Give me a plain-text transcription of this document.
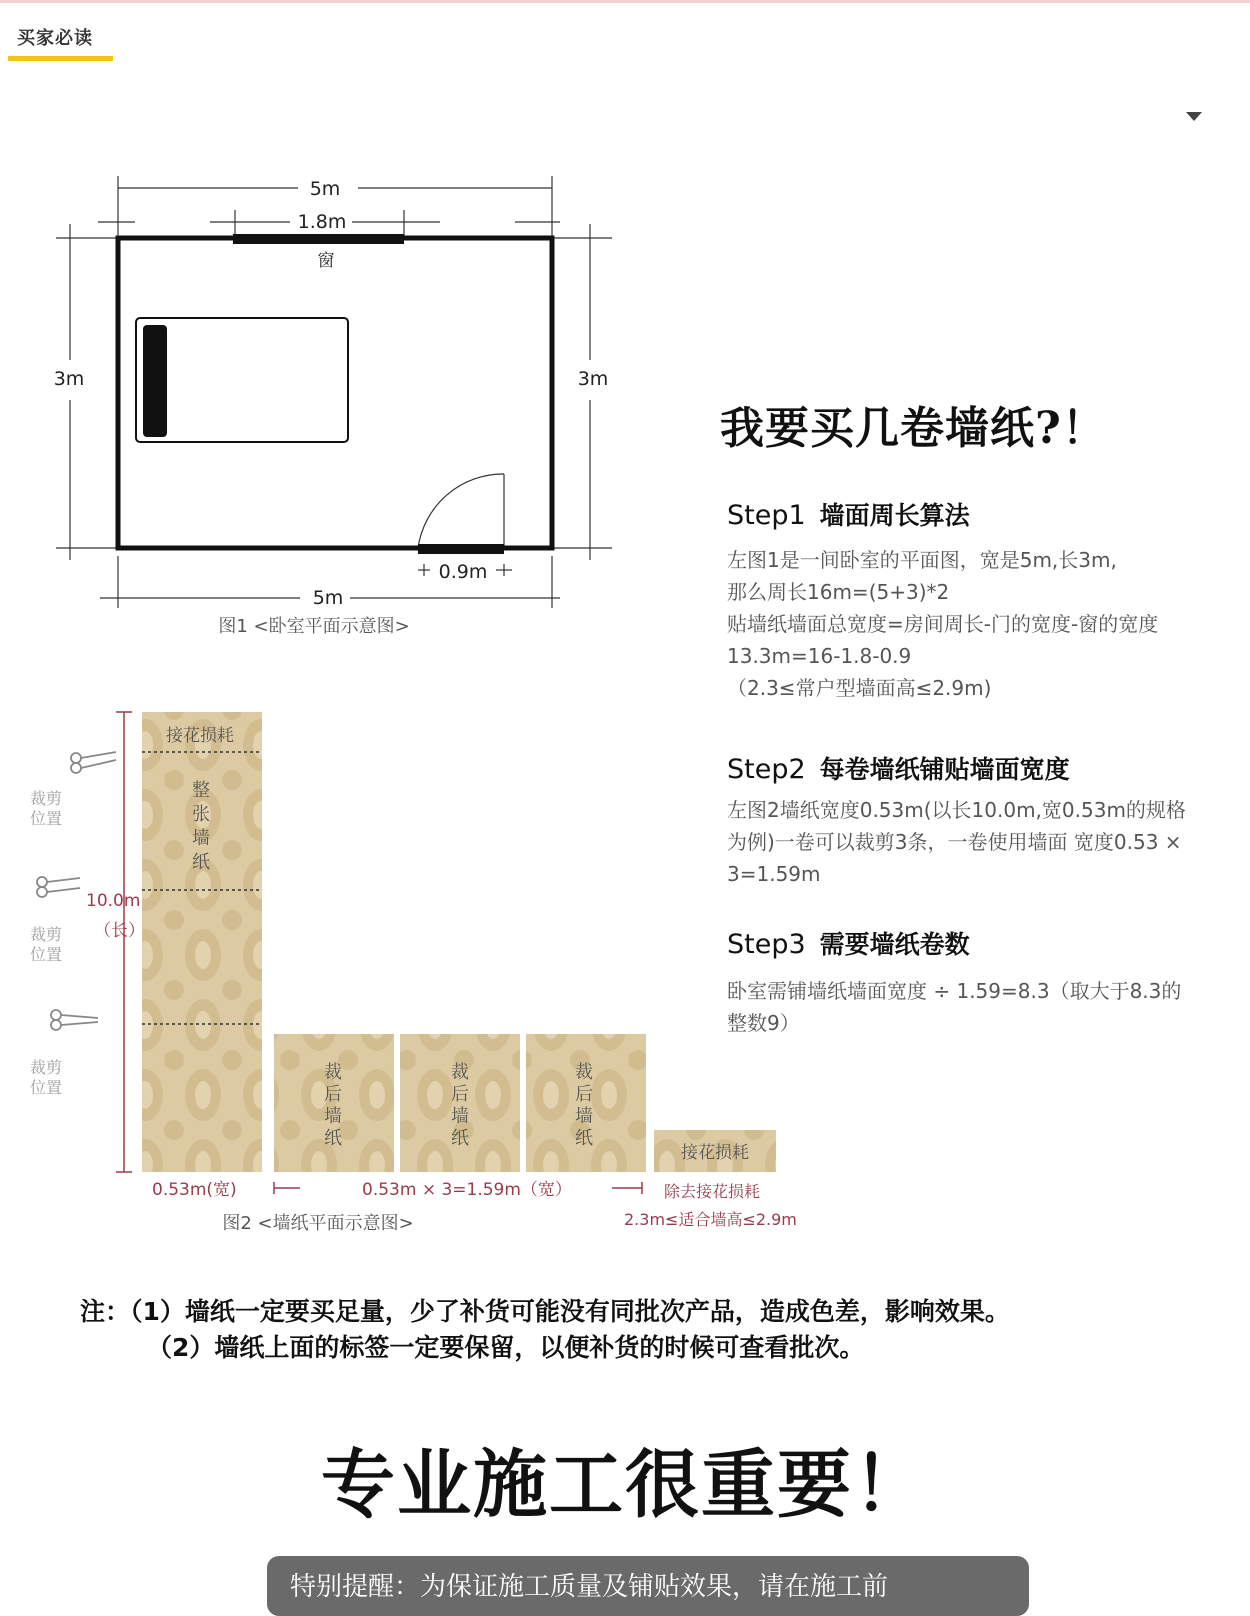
买家必读
5m
1.8m
窗
3m	3m
0.9m
5m
图1 <卧室平面示意图>
裁剪位置
裁剪位置
裁剪位置
接花损耗
整张墙纸
裁后墙纸
裁后墙纸
裁后墙纸
接花损耗
10.0m
（长）
0.53m(宽)	0.53m × 3=1.59m（宽）	除去接花损耗
2.3m≤适合墙高≤2.9m
图2 <墙纸平面示意图>
我要买几卷墙纸?！
Step1 墙面周长算法
左图1是一间卧室的平面图，宽是5m,长3m,
那么周长16m=(5+3)*2
贴墙纸墙面总宽度=房间周长-门的宽度-窗的宽度
13.3m=16-1.8-0.9
（2.3≤常户型墙面高≤2.9m)
Step2 每卷墙纸铺贴墙面宽度
左图2墙纸宽度0.53m(以长10.0m,宽0.53m的规格
为例)一卷可以裁剪3条，一卷使用墙面 宽度0.53 ×
3=1.59m
Step3 需要墙纸卷数
卧室需铺墙纸墙面宽度 ÷ 1.59=8.3（取大于8.3的
整数9）
注：（1）墙纸一定要买足量，少了补货可能没有同批次产品，造成色差，影响效果。
（2）墙纸上面的标签一定要保留，以便补货的时候可查看批次。
专业施工很重要！
特别提醒：为保证施工质量及铺贴效果，请在施工前
